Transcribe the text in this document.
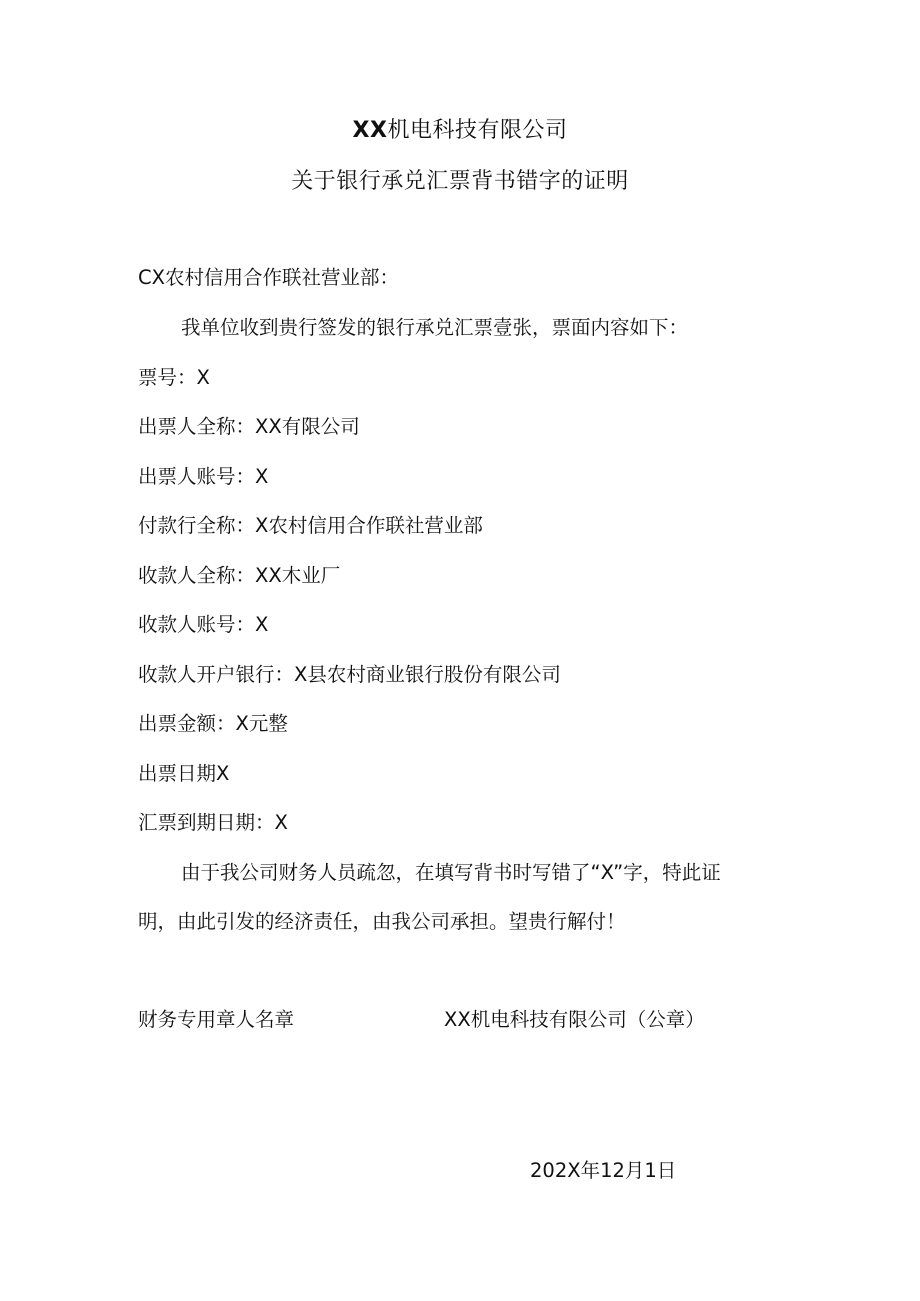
XX机电科技有限公司
关于银行承兑汇票背书错字的证明
CX农村信用合作联社营业部：
我单位收到贵行签发的银行承兑汇票壹张，票面内容如下：
票号：X
出票人全称：XX有限公司
出票人账号：X
付款行全称：X农村信用合作联社营业部
收款人全称：XX木业厂
收款人账号：X
收款人开户银行：X县农村商业银行股份有限公司
出票金额：X元整
出票日期X
汇票到期日期：X
由于我公司财务人员疏忽，在填写背书时写错了“X”字，特此证
明，由此引发的经济责任，由我公司承担。望贵行解付！
财务专用章人名章	XX机电科技有限公司（公章）
202X年12月1日
